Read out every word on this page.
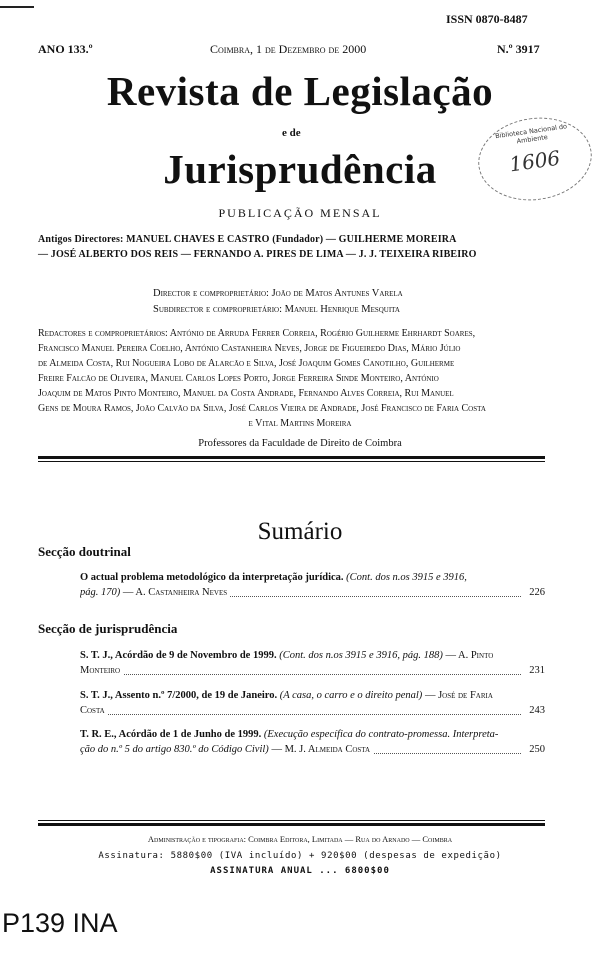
ISSN 0870-8487
ANO 133.º	Coimbra, 1 de Dezembro de 2000	N.º 3917
Revista de Legislação
e de
Jurisprudência
PUBLICAÇÃO MENSAL
Biblioteca Nacional do Ambiente
1606
Antigos Directores: MANUEL CHAVES E CASTRO (Fundador) — GUILHERME MOREIRA
— JOSÉ ALBERTO DOS REIS — FERNANDO A. PIRES DE LIMA — J. J. TEIXEIRA RIBEIRO
Director e comproprietário: João de Matos Antunes Varela
Subdirector e comproprietário: Manuel Henrique Mesquita
Redactores e comproprietários: António de Arruda Ferrer Correia, Rogério Guilherme Ehrhardt Soares,
Francisco Manuel Pereira Coelho, António Castanheira Neves, Jorge de Figueiredo Dias, Mário Júlio
de Almeida Costa, Rui Nogueira Lobo de Alarcão e Silva, José Joaquim Gomes Canotilho, Guilherme
Freire Falcão de Oliveira, Manuel Carlos Lopes Porto, Jorge Ferreira Sinde Monteiro, António
Joaquim de Matos Pinto Monteiro, Manuel da Costa Andrade, Fernando Alves Correia, Rui Manuel
Gens de Moura Ramos, João Calvão da Silva, José Carlos Vieira de Andrade, José Francisco de Faria Costa
e Vital Martins Moreira
Professores da Faculdade de Direito de Coimbra
Sumário
Secção doutrinal
O actual problema metodológico da interpretação jurídica. (Cont. dos n.os 3915 e 3916,
pág. 170) — A. Castanheira Neves	226
Secção de jurisprudência
S. T. J., Acórdão de 9 de Novembro de 1999. (Cont. dos n.os 3915 e 3916, pág. 188) — A. Pinto
Monteiro	231
S. T. J., Assento n.º 7/2000, de 19 de Janeiro. (A casa, o carro e o direito penal) — José de Faria
Costa	243
T. R. E., Acórdão de 1 de Junho de 1999. (Execução específica do contrato-promessa. Interpreta-
ção do n.º 5 do artigo 830.º do Código Civil) — M. J. Almeida Costa	250
Administração e tipografia: Coimbra Editora, Limitada — Rua do Arnado — Coimbra
Assinatura: 5880$00 (IVA incluído) + 920$00 (despesas de expedição)
ASSINATURA ANUAL ... 6800$00
P139 INA
